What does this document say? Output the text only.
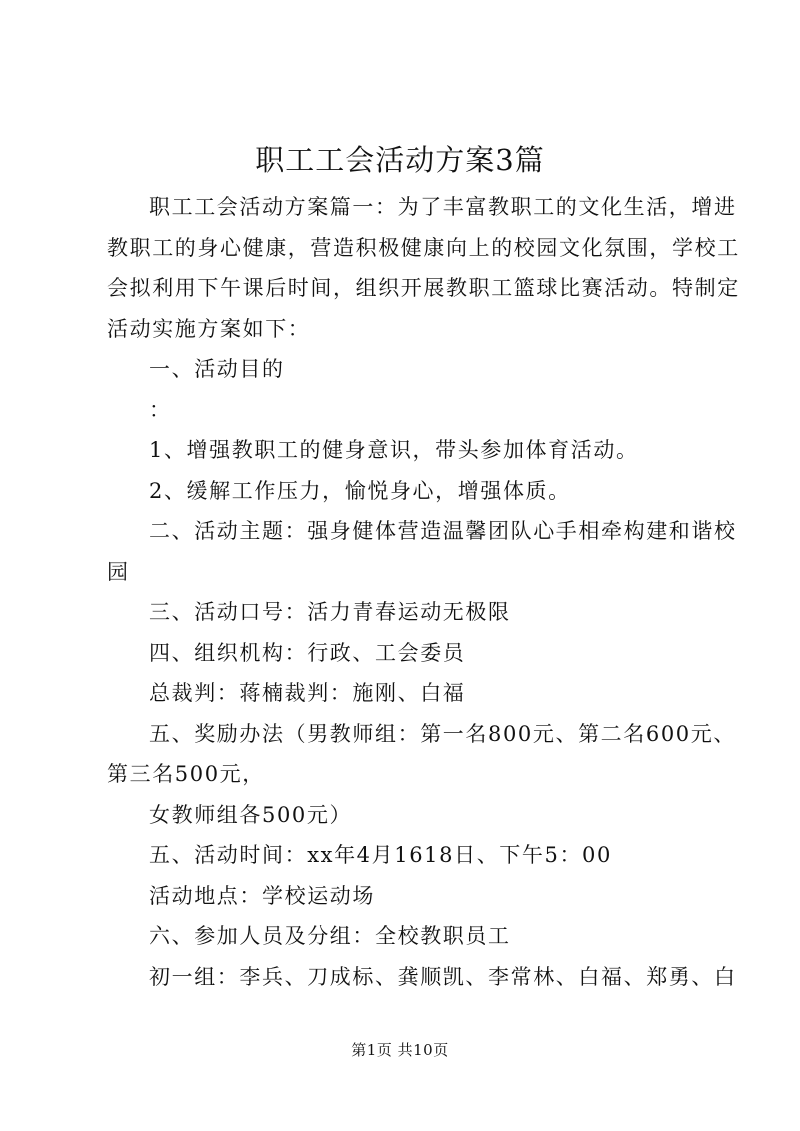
职工工会活动方案3篇

职工工会活动方案篇一：为了丰富教职工的文化生活，增进

教职工的身心健康，营造积极健康向上的校园文化氛围，学校工

会拟利用下午课后时间，组织开展教职工篮球比赛活动。特制定

活动实施方案如下：

一、活动目的

：

1、增强教职工的健身意识，带头参加体育活动。

2、缓解工作压力，愉悦身心，增强体质。

二、活动主题：强身健体营造温馨团队心手相牵构建和谐校

园

三、活动口号：活力青春运动无极限

四、组织机构：行政、工会委员

总裁判：蒋楠裁判：施刚、白福

五、奖励办法（男教师组：第一名800元、第二名600元、

第三名500元，

女教师组各500元）

五、活动时间：xx年4月1618日、下午5：00

活动地点：学校运动场

六、参加人员及分组：全校教职员工

初一组：李兵、刀成标、龚顺凯、李常林、白福、郑勇、白

第1页 共10页
